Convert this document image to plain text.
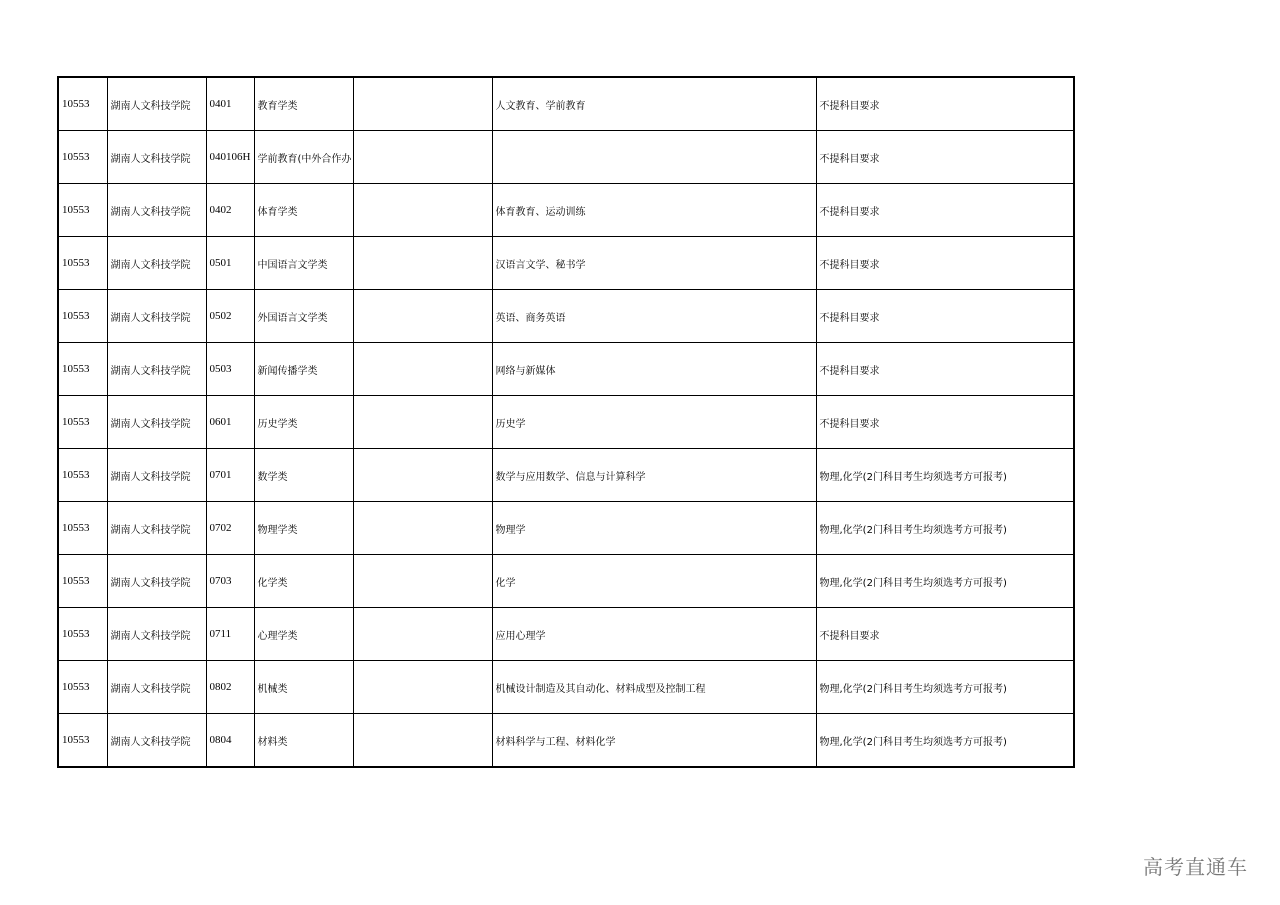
10553	湖南人文科技学院	0401	教育学类		人文教育、学前教育	不提科目要求
10553	湖南人文科技学院	040106H	学前教育(中外合作办			不提科目要求
10553	湖南人文科技学院	0402	体育学类		体育教育、运动训练	不提科目要求
10553	湖南人文科技学院	0501	中国语言文学类		汉语言文学、秘书学	不提科目要求
10553	湖南人文科技学院	0502	外国语言文学类		英语、商务英语	不提科目要求
10553	湖南人文科技学院	0503	新闻传播学类		网络与新媒体	不提科目要求
10553	湖南人文科技学院	0601	历史学类		历史学	不提科目要求
10553	湖南人文科技学院	0701	数学类		数学与应用数学、信息与计算科学	物理,化学(2门科目考生均须选考方可报考)
10553	湖南人文科技学院	0702	物理学类		物理学	物理,化学(2门科目考生均须选考方可报考)
10553	湖南人文科技学院	0703	化学类		化学	物理,化学(2门科目考生均须选考方可报考)
10553	湖南人文科技学院	0711	心理学类		应用心理学	不提科目要求
10553	湖南人文科技学院	0802	机械类		机械设计制造及其自动化、材料成型及控制工程	物理,化学(2门科目考生均须选考方可报考)
10553	湖南人文科技学院	0804	材料类		材料科学与工程、材料化学	物理,化学(2门科目考生均须选考方可报考)
高考直通车
